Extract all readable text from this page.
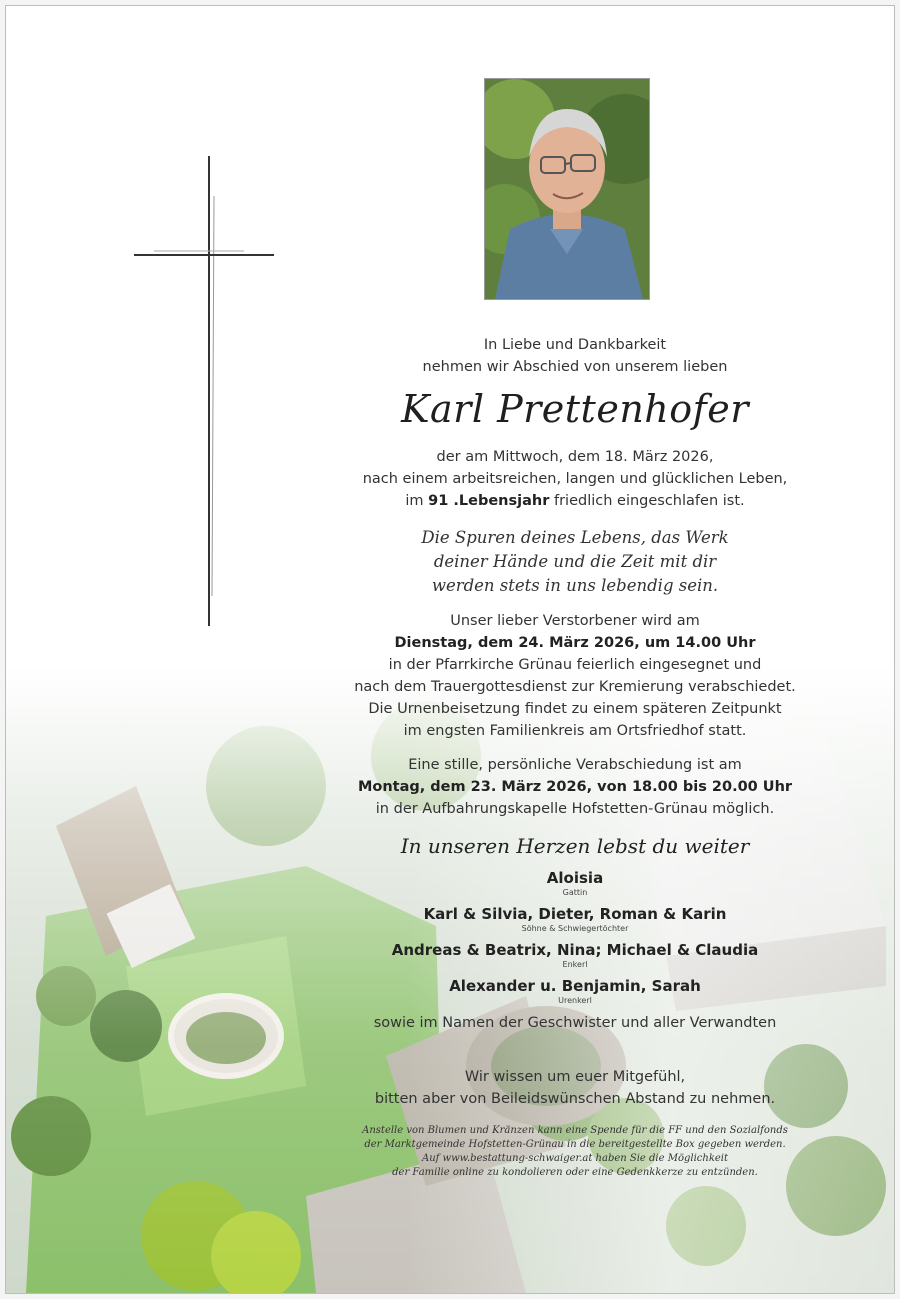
In Liebe und Dankbarkeit
nehmen wir Abschied von unserem lieben
Karl Prettenhofer
der am Mittwoch, dem 18. März 2026,
nach einem arbeitsreichen, langen und glücklichen Leben,
im 91 .Lebensjahr friedlich eingeschlafen ist.
Die Spuren deines Lebens, das Werk
deiner Hände und die Zeit mit dir
werden stets in uns lebendig sein.
Unser lieber Verstorbener wird am
Dienstag, dem 24. März 2026, um 14.00 Uhr
in der Pfarrkirche Grünau feierlich eingesegnet und
nach dem Trauergottesdienst zur Kremierung verabschiedet.
Die Urnenbeisetzung findet zu einem späteren Zeitpunkt
im engsten Familienkreis am Ortsfriedhof statt.
Eine stille, persönliche Verabschiedung ist am
Montag, dem 23. März 2026, von 18.00 bis 20.00 Uhr
in der Aufbahrungskapelle Hofstetten-Grünau möglich.
In unseren Herzen lebst du weiter
Aloisia
Gattin
Karl & Silvia, Dieter, Roman & Karin
Söhne & Schwiegertöchter
Andreas & Beatrix, Nina; Michael & Claudia
Enkerl
Alexander u. Benjamin, Sarah
Urenkerl
sowie im Namen der Geschwister und aller Verwandten
Wir wissen um euer Mitgefühl,
bitten aber von Beileidswünschen Abstand zu nehmen.
Anstelle von Blumen und Kränzen kann eine Spende für die FF und den Sozialfonds
der Marktgemeinde Hofstetten-Grünau in die bereitgestellte Box gegeben werden.
Auf www.bestattung-schwaiger.at haben Sie die Möglichkeit
der Familie online zu kondolieren oder eine Gedenkkerze zu entzünden.
